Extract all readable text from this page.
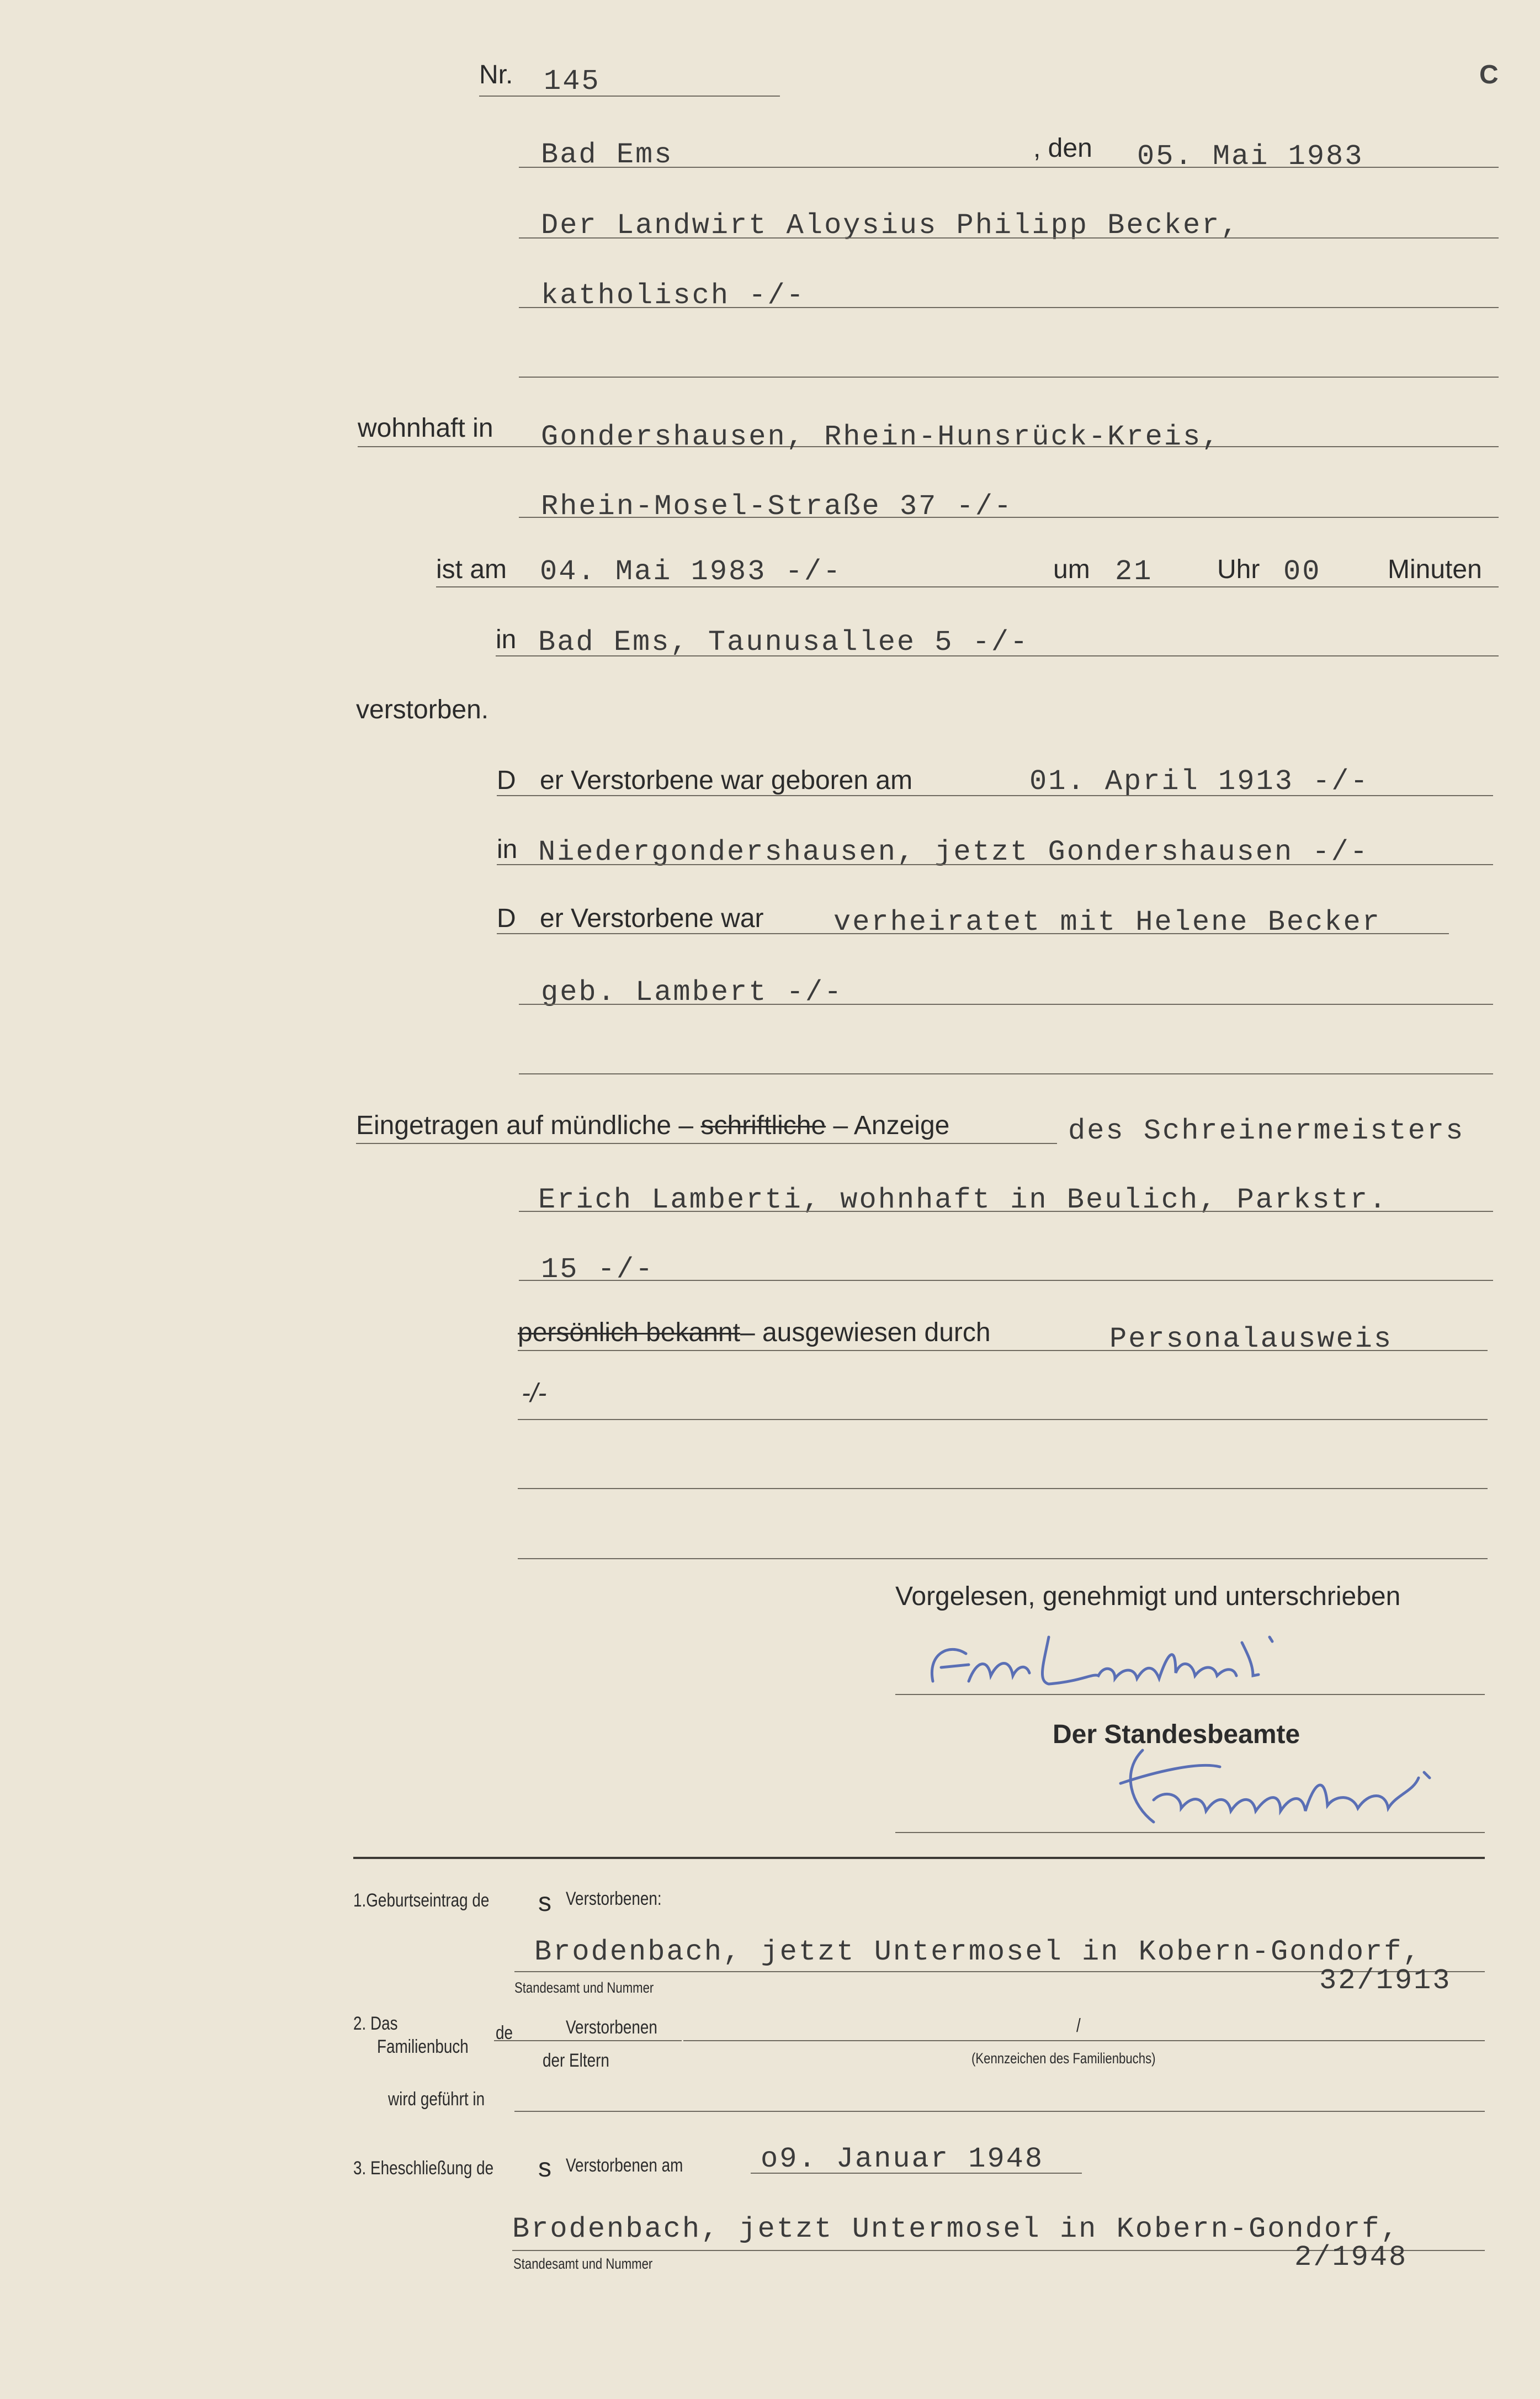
Nr. 145	C
Bad Ems	, den 05. Mai 1983
Der Landwirt Aloysius Philipp Becker,
katholisch -/-
wohnhaft in Gondershausen, Rhein-Hunsrück-Kreis,
Rhein-Mosel-Straße 37 -/-
ist am 04. Mai 1983 -/-	um 21 Uhr 00	Minuten
in Bad Ems, Taunusallee 5 -/-
verstorben.
D er Verstorbene war geboren am	01. April 1913 -/-
in Niedergondershausen, jetzt Gondershausen -/-
D er Verstorbene war verheiratet mit Helene Becker
geb. Lambert -/-
Eingetragen auf mündliche – schriftliche – Anzeige	des Schreinermeisters
Erich Lamberti, wohnhaft in Beulich, Parkstr.
15 -/-
persönlich bekannt– ausgewiesen durch	Personalausweis
-/-
Vorgelesen, genehmigt und unterschrieben
Der Standesbeamte
1.Geburtseintrag de s Verstorbenen:
Brodenbach, jetzt Untermosel in Kobern-Gondorf,
Standesamt und Nummer	32/1913
2. Das
Familienbuch
de	Verstorbenen
der Eltern
/
(Kennzeichen des Familienbuchs)
wird geführt in
3. Eheschließung de s Verstorbenen am	o9. Januar 1948
Brodenbach, jetzt Untermosel in Kobern-Gondorf,
Standesamt und Nummer	2/1948
